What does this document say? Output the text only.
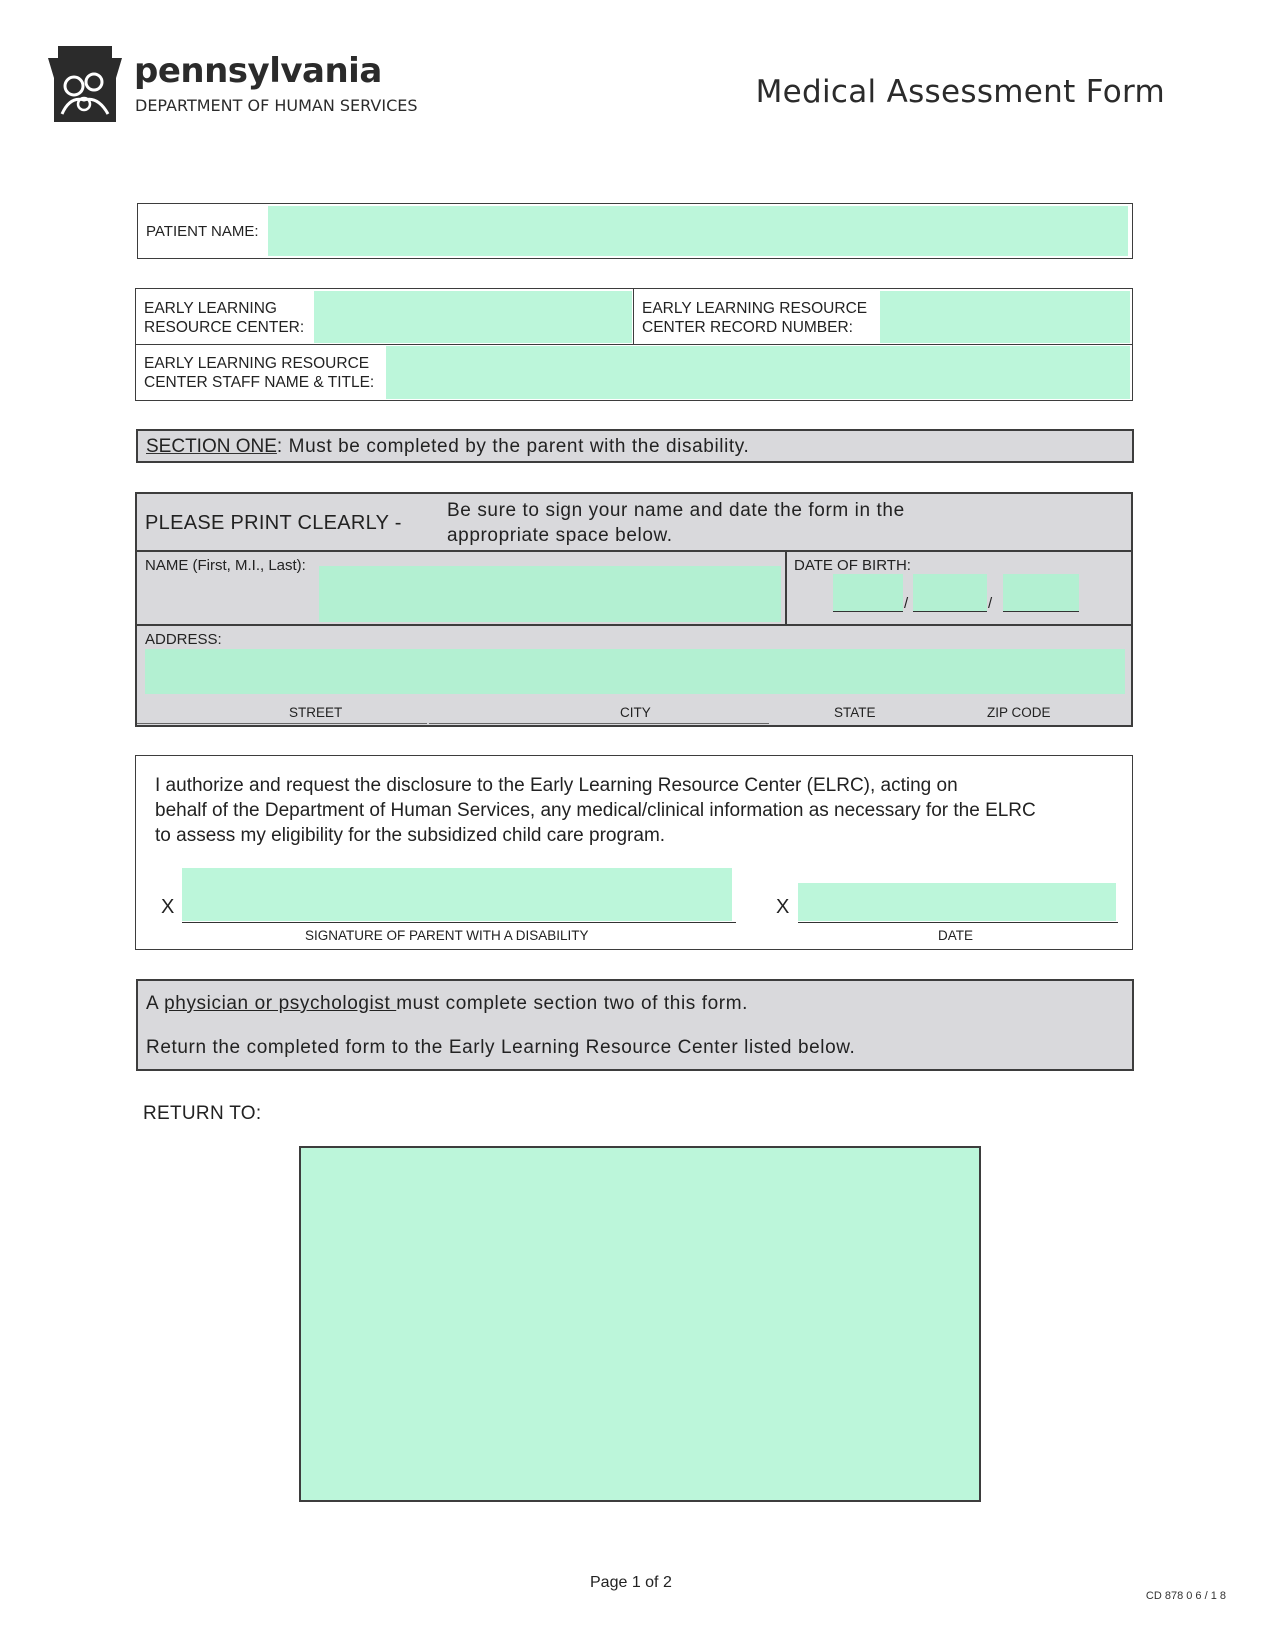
pennsylvania
DEPARTMENT OF HUMAN SERVICES	Medical Assessment Form
PATIENT NAME:
EARLY LEARNING
RESOURCE CENTER:
EARLY LEARNING RESOURCE
CENTER RECORD NUMBER:
EARLY LEARNING RESOURCE
CENTER STAFF NAME & TITLE:
SECTION ONE: Must be completed by the parent with the disability.
PLEASE PRINT CLEARLY -
Be sure to sign your name and date the form in the
appropriate space below.
NAME (First, M.I., Last):	DATE OF BIRTH:
/	/
ADDRESS:
STREET	CITY	STATE	ZIP CODE
I authorize and request the disclosure to the Early Learning Resource Center (ELRC), acting on
behalf of the Department of Human Services, any medical/clinical information as necessary for the ELRC
to assess my eligibility for the subsidized child care program.
X
SIGNATURE OF PARENT WITH A DISABILITY
X
DATE
A physician or psychologist must complete section two of this form.
Return the completed form to the Early Learning Resource Center listed below.
RETURN TO:
Page 1 of 2
CD 878 0 6 / 1 8
